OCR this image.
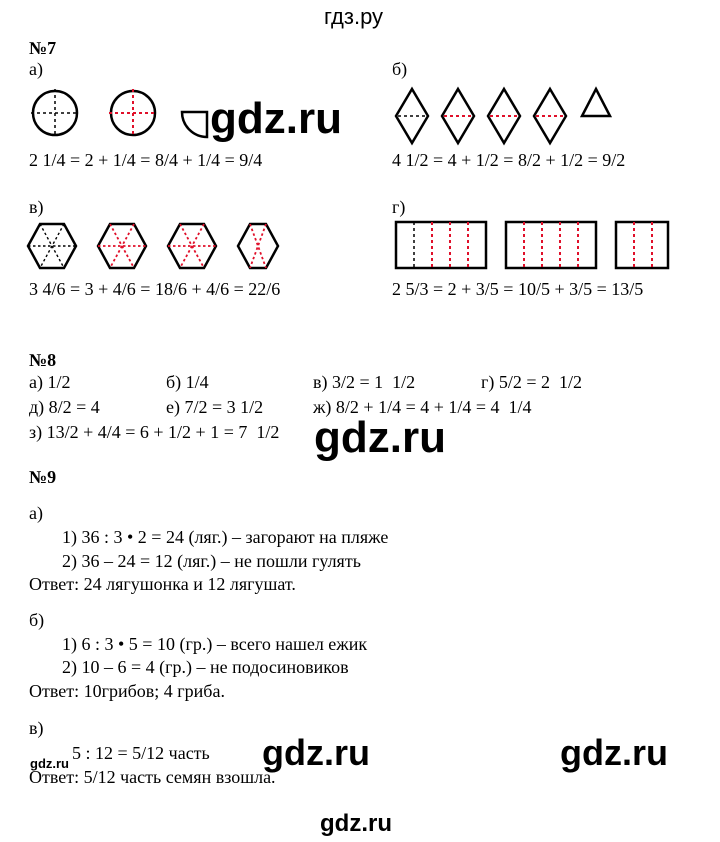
гдз.ру
№7
а)	б)
2 1/4 = 2 + 1/4 = 8/4 + 1/4 = 9/4	4 1/2 = 4 + 1/2 = 8/2 + 1/2 = 9/2
в)	г)
3 4/6 = 3 + 4/6 = 18/6 + 4/6 = 22/6	2 5/3 = 2 + 3/5 = 10/5 + 3/5 = 13/5
№8
а) 1/2	б) 1/4	в) 3/2 = 1  1/2	г) 5/2 = 2  1/2
д) 8/2 = 4	е) 7/2 = 3 1/2	ж) 8/2 + 1/4 = 4 + 1/4 = 4  1/4
з) 13/2 + 4/4 = 6 + 1/2 + 1 = 7  1/2
№9
а)
1) 36 : 3 • 2 = 24 (ляг.) – загорают на пляже
2) 36 – 24 = 12 (ляг.) – не пошли гулять
Ответ: 24 лягушонка и 12 лягушат.
б)
1) 6 : 3 • 5 = 10 (гр.) – всего нашел ежик
2) 10 – 6 = 4 (гр.) – не подосиновиков
Ответ: 10грибов; 4 гриба.
в)
5 : 12 = 5/12 часть
Ответ: 5/12 часть семян взошла.
gdz.ru
gdz.ru
gdz.ru	gdz.ru
gdz.ru
gdz.ru
